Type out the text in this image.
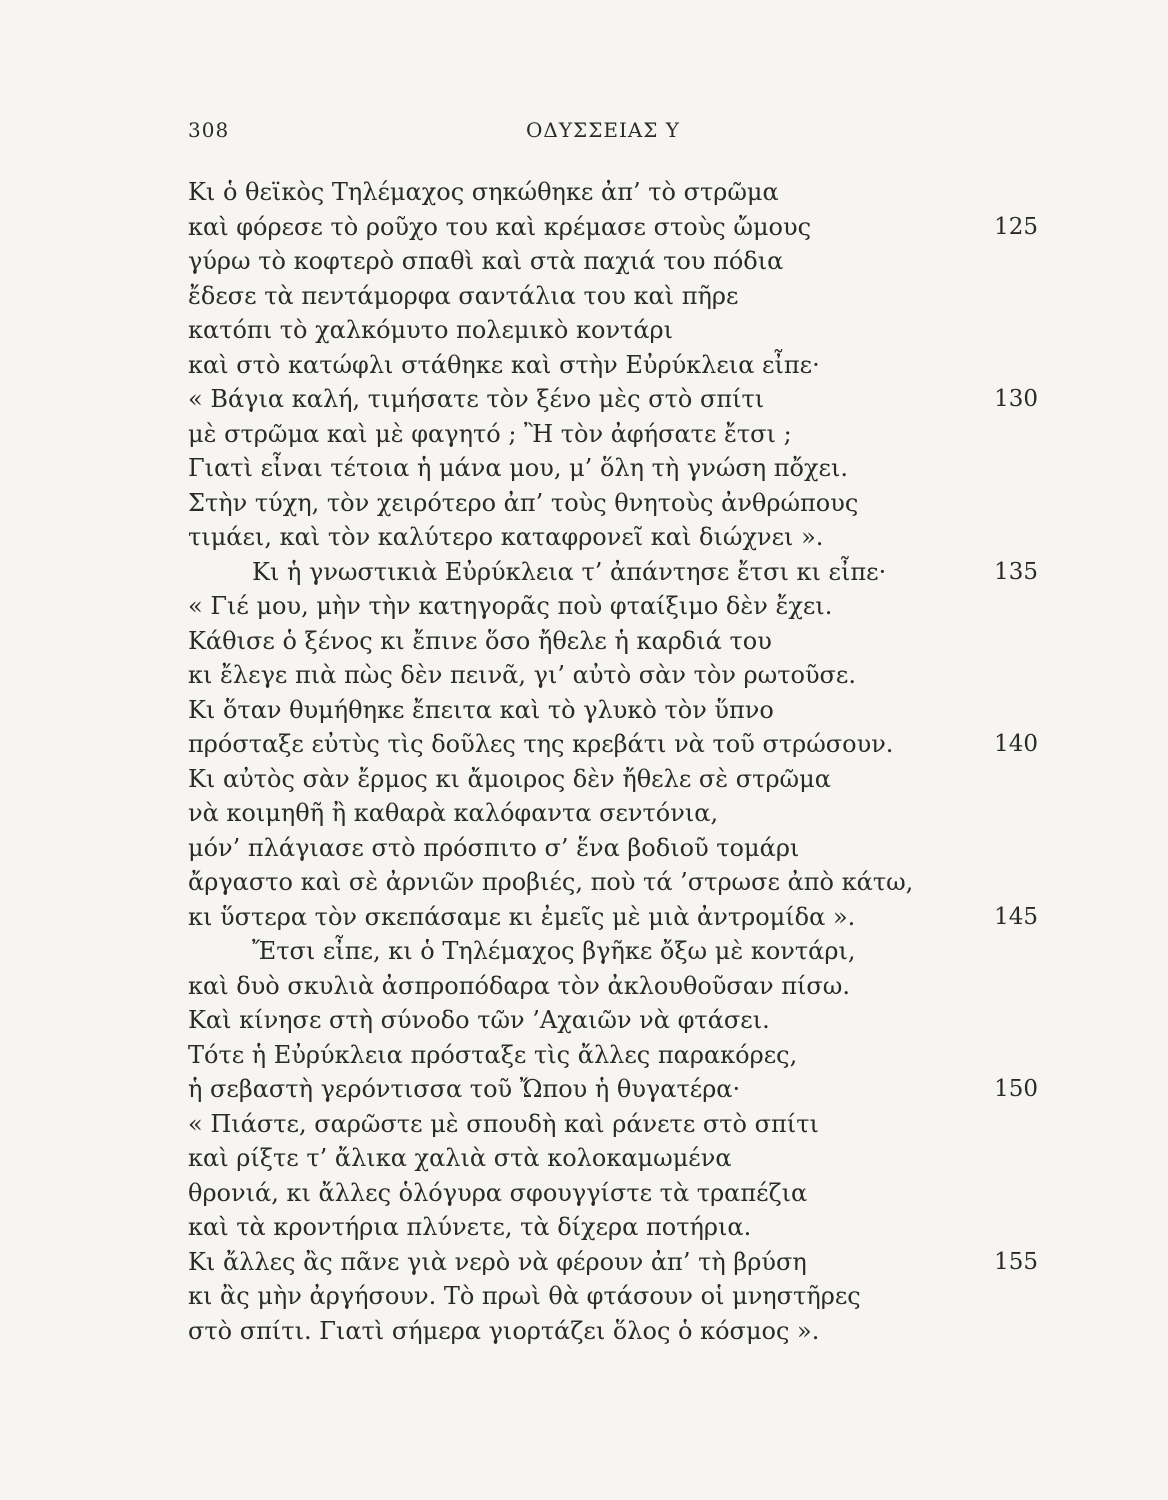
308	ΟΔΥΣΣΕΙΑΣ Υ
Κι ὁ θεϊκὸς Τηλέμαχος σηκώθηκε ἀπ’ τὸ στρῶμα
καὶ φόρεσε τὸ ροῦχο του καὶ κρέμασε στοὺς ὤμους	125
γύρω τὸ κοφτερὸ σπαθὶ καὶ στὰ παχιά του πόδια
ἔδεσε τὰ πεντάμορφα σαντάλια του καὶ πῆρε
κατόπι τὸ χαλκόμυτο πολεμικὸ κοντάρι
καὶ στὸ κατώφλι στάθηκε καὶ στὴν Εὐρύκλεια εἶπε·
« Βάγια καλή, τιμήσατε τὸν ξένο μὲς στὸ σπίτι	130
μὲ στρῶμα καὶ μὲ φαγητό ; Ἢ τὸν ἀφήσατε ἔτσι ;
Γιατὶ εἶναι τέτοια ἡ μάνα μου, μ’ ὅλη τὴ γνώση πὄχει.
Στὴν τύχη, τὸν χειρότερο ἀπ’ τοὺς θνητοὺς ἀνθρώπους
τιμάει, καὶ τὸν καλύτερο καταφρονεῖ καὶ διώχνει ».
Κι ἡ γνωστικιὰ Εὐρύκλεια τ’ ἀπάντησε ἔτσι κι εἶπε·	135
« Γιέ μου, μὴν τὴν κατηγορᾶς ποὺ φταίξιμο δὲν ἔχει.
Κάθισε ὁ ξένος κι ἔπινε ὅσο ἤθελε ἡ καρδιά του
κι ἔλεγε πιὰ πὼς δὲν πεινᾶ, γι’ αὐτὸ σὰν τὸν ρωτοῦσε.
Κι ὅταν θυμήθηκε ἔπειτα καὶ τὸ γλυκὸ τὸν ὕπνο
πρόσταξε εὐτὺς τὶς δοῦλες της κρεβάτι νὰ τοῦ στρώσουν.	140
Κι αὐτὸς σὰν ἔρμος κι ἄμοιρος δὲν ἤθελε σὲ στρῶμα
νὰ κοιμηθῆ ἢ καθαρὰ καλόφαντα σεντόνια,
μόν’ πλάγιασε στὸ πρόσπιτο σ’ ἕνα βοδιοῦ τομάρι
ἄργαστο καὶ σὲ ἀρνιῶν προβιές, ποὺ τά ’στρωσε ἀπὸ κάτω,
κι ὕστερα τὸν σκεπάσαμε κι ἐμεῖς μὲ μιὰ ἀντρομίδα ».	145
Ἔτσι εἶπε, κι ὁ Τηλέμαχος βγῆκε ὄξω μὲ κοντάρι,
καὶ δυὸ σκυλιὰ ἀσπροπόδαρα τὸν ἀκλουθοῦσαν πίσω.
Καὶ κίνησε στὴ σύνοδο τῶν ’Αχαιῶν νὰ φτάσει.
Τότε ἡ Εὐρύκλεια πρόσταξε τὶς ἄλλες παρακόρες,
ἡ σεβαστὴ γερόντισσα τοῦ Ὤπου ἡ θυγατέρα·	150
« Πιάστε, σαρῶστε μὲ σπουδὴ καὶ ράνετε στὸ σπίτι
καὶ ρίξτε τ’ ἄλικα χαλιὰ στὰ κολοκαμωμένα
θρονιά, κι ἄλλες ὁλόγυρα σφουγγίστε τὰ τραπέζια
καὶ τὰ κροντήρια πλύνετε, τὰ δίχερα ποτήρια.
Κι ἄλλες ἂς πᾶνε γιὰ νερὸ νὰ φέρουν ἀπ’ τὴ βρύση	155
κι ἂς μὴν ἀργήσουν. Τὸ πρωὶ θὰ φτάσουν οἱ μνηστῆρες
στὸ σπίτι. Γιατὶ σήμερα γιορτάζει ὅλος ὁ κόσμος ».
